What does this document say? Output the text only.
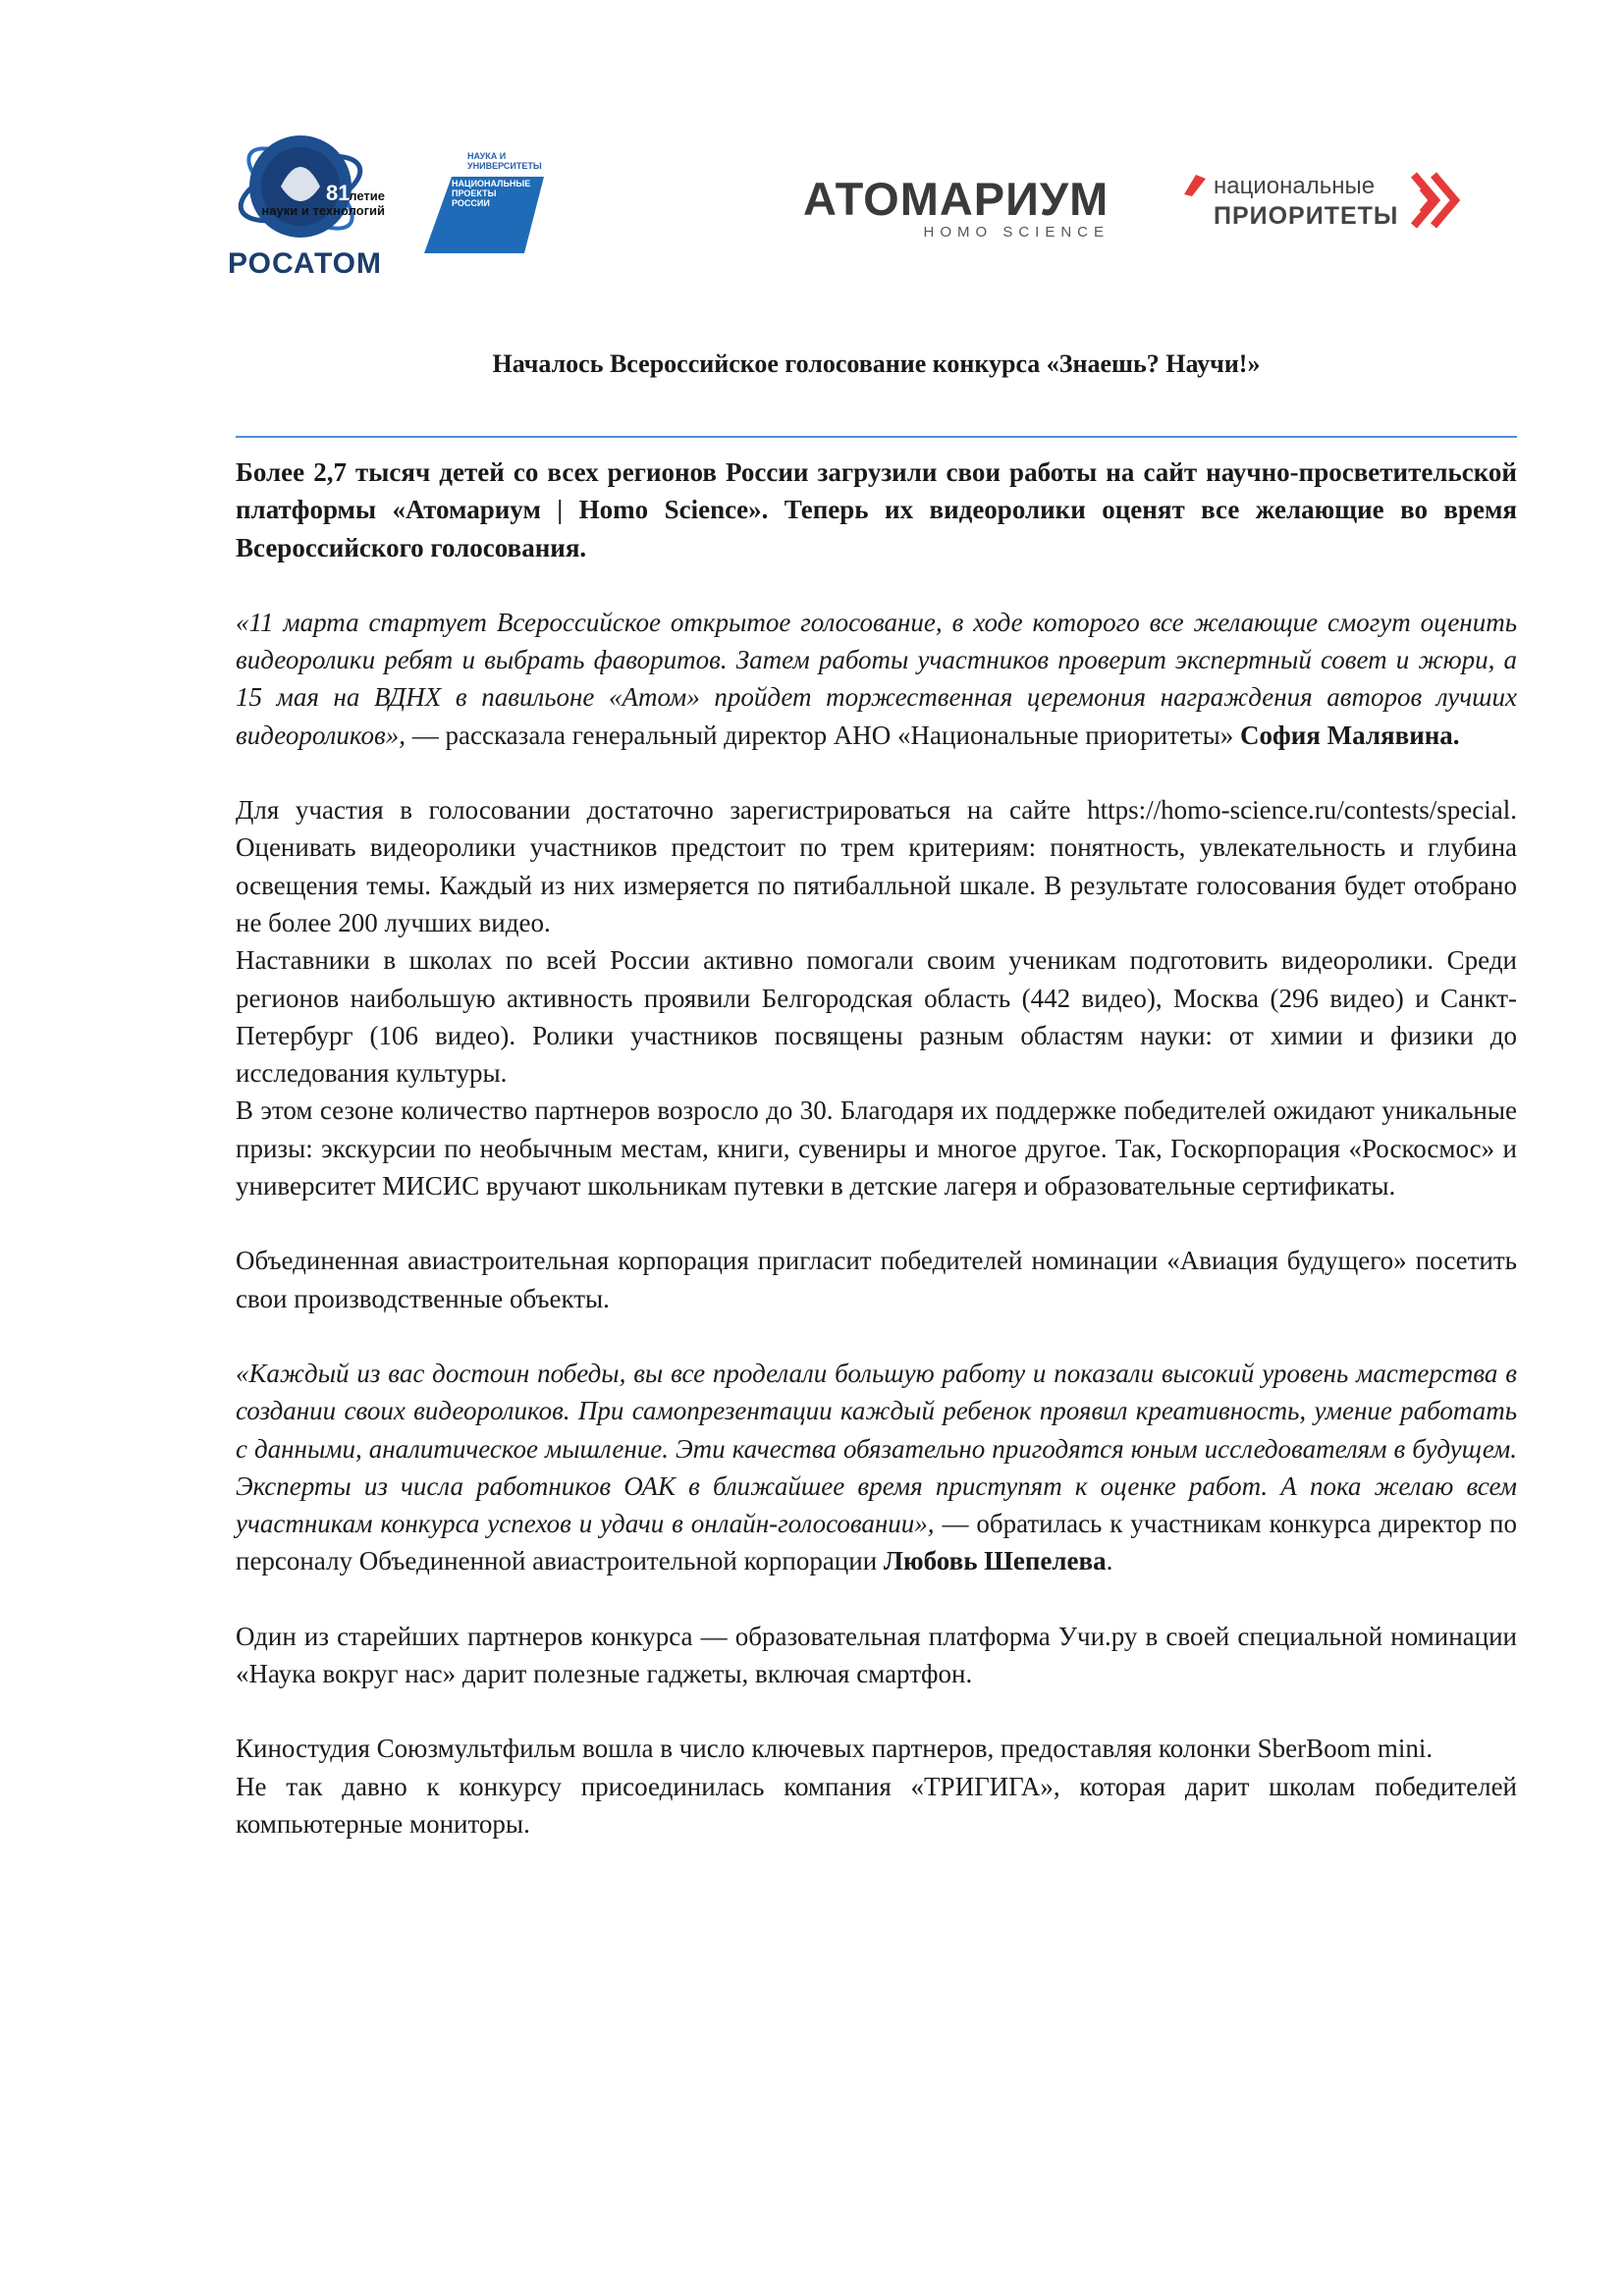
81
летие
науки и технологий
РОСАТОМ
НАУКА И УНИВЕРСИТЕТЫ
НАЦИОНАЛЬНЫЕ ПРОЕКТЫ РОССИИ	АТОМАРИУМ
HOMO SCIENCE
национальные
ПРИОРИТЕТЫ
Началось Всероссийское голосование конкурса «Знаешь? Научи!»

Более 2,7 тысяч детей со всех регионов России загрузили свои работы на сайт научно-просветительской платформы «Атомариум | Homo Science». Теперь их видеоролики оценят все желающие во время Всероссийского голосования.

«11 марта стартует Всероссийское открытое голосование, в ходе которого все желающие смогут оценить видеоролики ребят и выбрать фаворитов. Затем работы участников проверит экспертный совет и жюри, а 15 мая на ВДНХ в павильоне «Атом» пройдет торжественная церемония награждения авторов лучших видеороликов», — рассказала генеральный директор АНО «Национальные приоритеты» София Малявина.

Для участия в голосовании достаточно зарегистрироваться на сайте https://homo-science.ru/contests/special. Оценивать видеоролики участников предстоит по трем критериям: понятность, увлекательность и глубина освещения темы. Каждый из них измеряется по пятибалльной шкале. В результате голосования будет отобрано не более 200 лучших видео.

Наставники в школах по всей России активно помогали своим ученикам подготовить видеоролики. Среди регионов наибольшую активность проявили Белгородская область (442 видео), Москва (296 видео) и Санкт-Петербург (106 видео). Ролики участников посвящены разным областям науки: от химии и физики до исследования культуры.

В этом сезоне количество партнеров возросло до 30. Благодаря их поддержке победителей ожидают уникальные призы: экскурсии по необычным местам, книги, сувениры и многое другое. Так, Госкорпорация «Роскосмос» и университет МИСИС вручают школьникам путевки в детские лагеря и образовательные сертификаты.

Объединенная авиастроительная корпорация пригласит победителей номинации «Авиация будущего» посетить свои производственные объекты.

«Каждый из вас достоин победы, вы все проделали большую работу и показали высокий уровень мастерства в создании своих видеороликов. При самопрезентации каждый ребенок проявил креативность, умение работать с данными, аналитическое мышление. Эти качества обязательно пригодятся юным исследователям в будущем. Эксперты из числа работников ОАК в ближайшее время приступят к оценке работ. А пока желаю всем участникам конкурса успехов и удачи в онлайн-голосовании», — обратилась к участникам конкурса директор по персоналу Объединенной авиастроительной корпорации Любовь Шепелева.

Один из старейших партнеров конкурса — образовательная платформа Учи.ру в своей специальной номинации «Наука вокруг нас» дарит полезные гаджеты, включая смартфон.

Киностудия Союзмультфильм вошла в число ключевых партнеров, предоставляя колонки SberBoom mini.

Не так давно к конкурсу присоединилась компания «ТРИГИГА», которая дарит школам победителей компьютерные мониторы.
